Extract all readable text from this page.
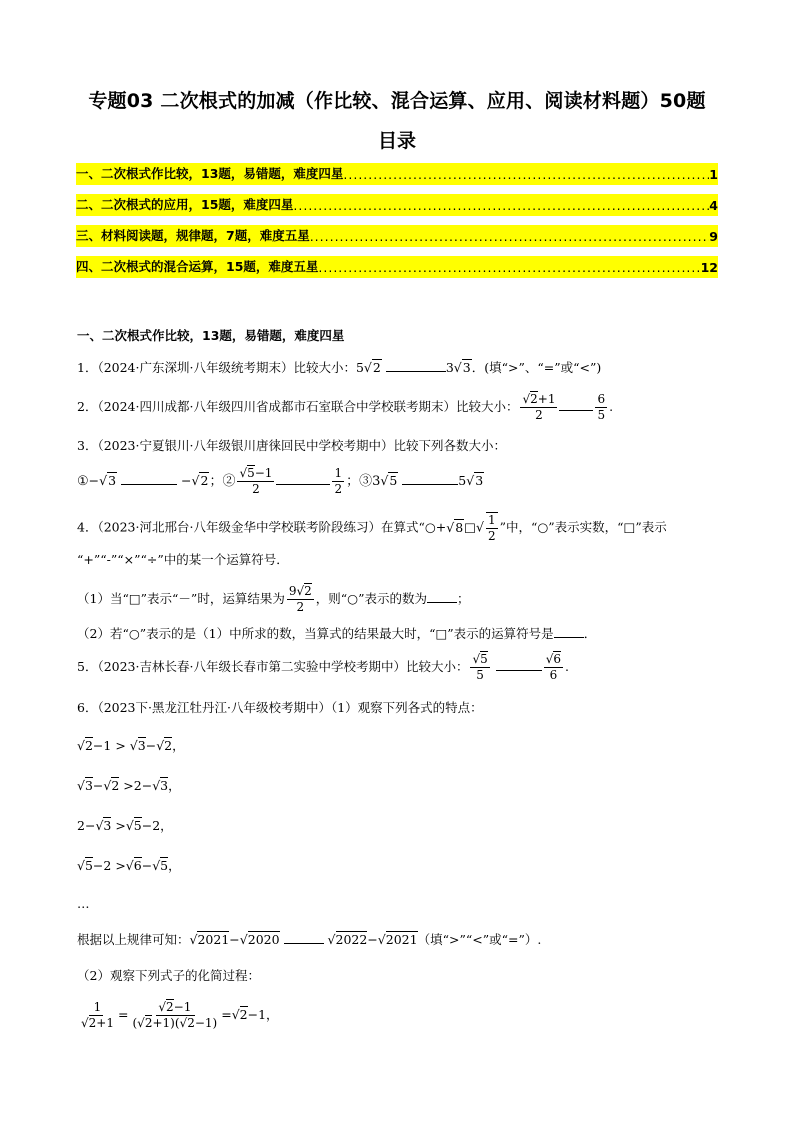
专题03 二次根式的加减（作比较、混合运算、应用、阅读材料题）50题
目录
一、二次根式作比较，13题，易错题，难度四星 .....	1
二、二次根式的应用，15题，难度四星 .....	4
三、材料阅读题，规律题，7题，难度五星 .....	9
四、二次根式的混合运算，15题，难度五星 .....	12
一、二次根式作比较，13题，易错题，难度四星
1．（2024·广东深圳·八年级统考期末）比较大小：5√2	3√3．(填“>”、“=”或“<”)
2．（2024·四川成都·八年级四川省成都市石室联合中学校联考期末）比较大小： $\frac{√2+1}{2}$	$\frac{6}{5}$ .
3．（2023·宁夏银川·八年级银川唐徕回民中学校考期中）比较下列各数大小：
①−√3	−√2；② $\frac{√5-1}{2}$	$\frac{1}{2}$ ；③3√5	5√3
4．（2023·河北邢台·八年级金华中学校联考阶段练习）在算式“○+√8□√ $\frac{1}{2}$ ”中，“○”表示实数，“□”表示
“+”“-”“×”“÷”中的某一个运算符号．
（1）当“□”表示“－”时，运算结果为 $\frac{9√2}{2}$ ，则“○”表示的数为 ；
（2）若“○”表示的是（1）中所求的数，当算式的结果最大时，“□”表示的运算符号是 ．
5．（2023·吉林长春·八年级长春市第二实验中学校考期中）比较大小： $\frac{√5}{5}$
	$\frac{√6}{6}$ .
6．（2023下·黑龙江牡丹江·八年级校考期中）（1）观察下列各式的特点：
√2−1 > √3−√2，
√3−√2 >2−√3，
2−√3 >√5−2，
√5−2 >√6−√5，
…
根据以上规律可知：√2021−√2020	√2022−√2021（填“>”“<”或“=”）.
（2）观察下列式子的化简过程：
$\frac{1}{√2+1} = \frac{√2-1}{(√2+1)(√2-1)} =√2-1$，
